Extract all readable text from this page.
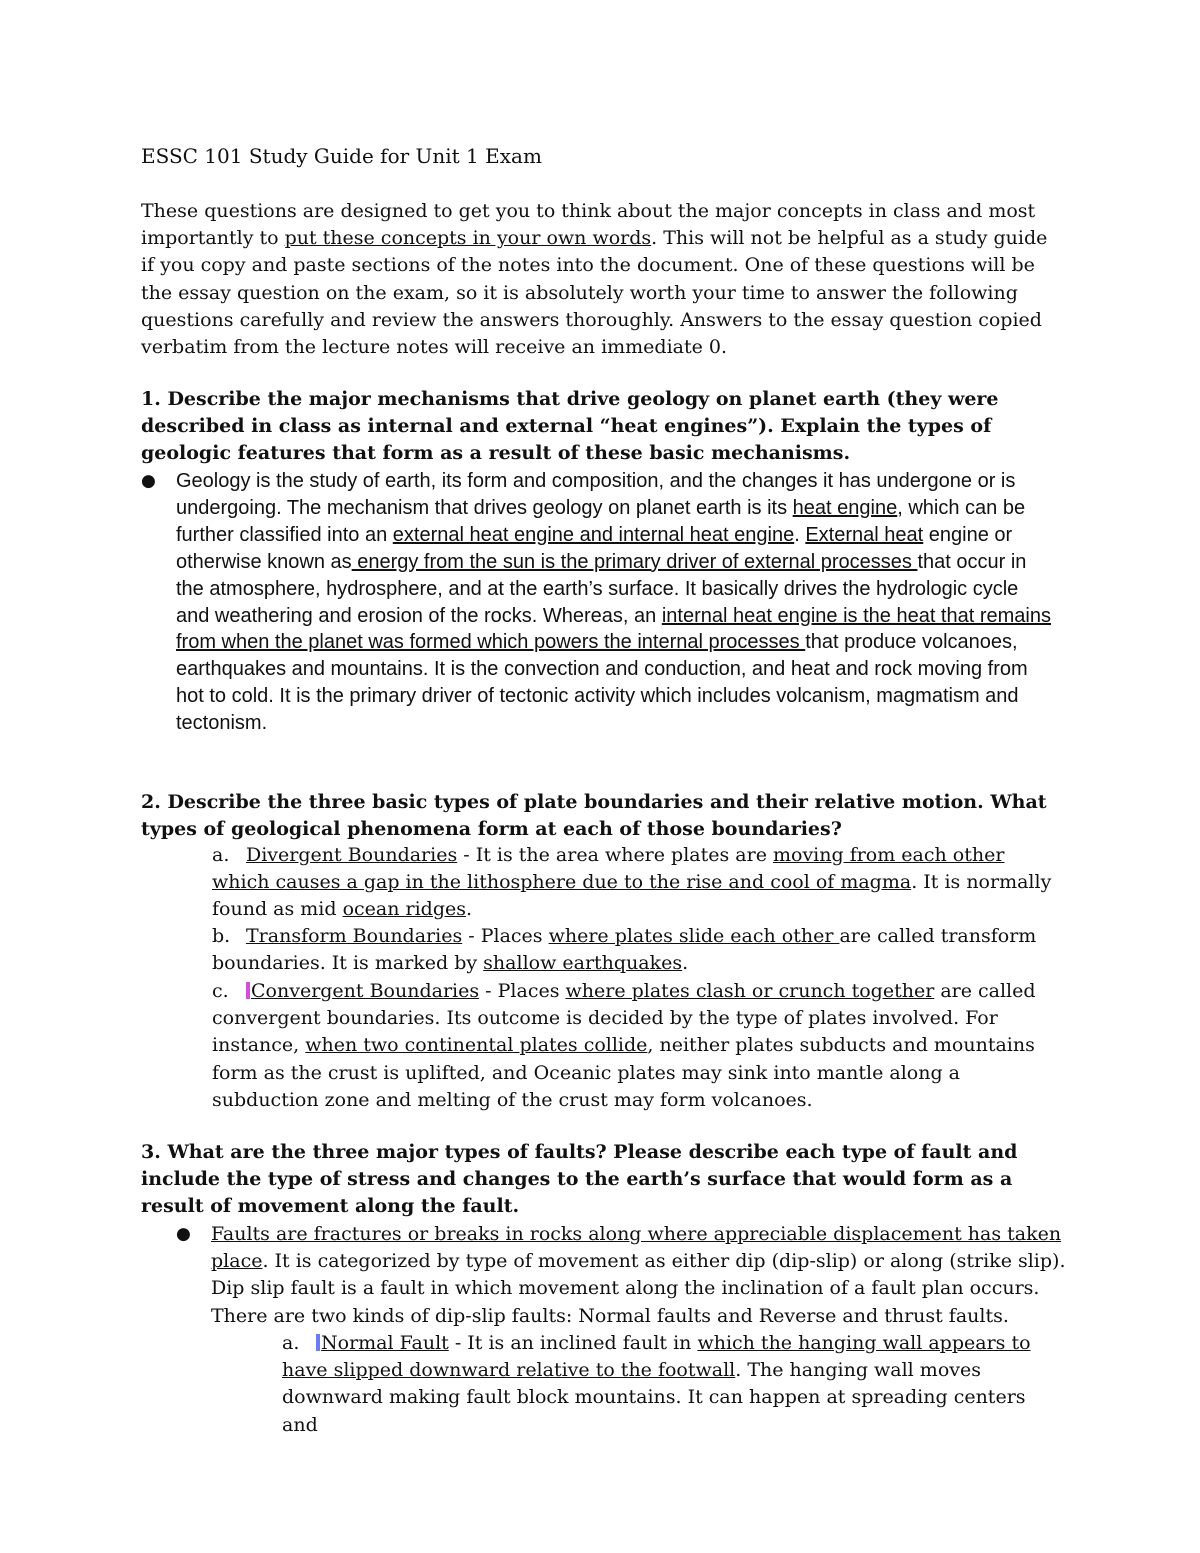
ESSC 101 Study Guide for Unit 1 Exam
These questions are designed to get you to think about the major concepts in class and most importantly to put these concepts in your own words. This will not be helpful as a study guide if you copy and paste sections of the notes into the document. One of these questions will be the essay question on the exam, so it is absolutely worth your time to answer the following questions carefully and review the answers thoroughly. Answers to the essay question copied verbatim from the lecture notes will receive an immediate 0.
1. Describe the major mechanisms that drive geology on planet earth (they were described in class as internal and external “heat engines”). Explain the types of geologic features that form as a result of these basic mechanisms.
● Geology is the study of earth, its form and composition, and the changes it has undergone or is undergoing. The mechanism that drives geology on planet earth is its heat engine, which can be further classified into an external heat engine and internal heat engine. External heat engine or otherwise known as energy from the sun is the primary driver of external processes that occur in the atmosphere, hydrosphere, and at the earth’s surface. It basically drives the hydrologic cycle and weathering and erosion of the rocks. Whereas, an internal heat engine is the heat that remains from when the planet was formed which powers the internal processes that produce volcanoes, earthquakes and mountains. It is the convection and conduction, and heat and rock moving from hot to cold. It is the primary driver of tectonic activity which includes volcanism, magmatism and tectonism.
2. Describe the three basic types of plate boundaries and their relative motion. What types of geological phenomena form at each of those boundaries?
a. Divergent Boundaries - It is the area where plates are moving from each other which causes a gap in the lithosphere due to the rise and cool of magma. It is normally found as mid ocean ridges.
b. Transform Boundaries - Places where plates slide each other are called transform boundaries. It is marked by shallow earthquakes.
c. Convergent Boundaries - Places where plates clash or crunch together are called convergent boundaries. Its outcome is decided by the type of plates involved. For instance, when two continental plates collide, neither plates subducts and mountains form as the crust is uplifted, and Oceanic plates may sink into mantle along a subduction zone and melting of the crust may form volcanoes.
3. What are the three major types of faults? Please describe each type of fault and include the type of stress and changes to the earth’s surface that would form as a result of movement along the fault.
● Faults are fractures or breaks in rocks along where appreciable displacement has taken place. It is categorized by type of movement as either dip (dip-slip) or along (strike slip). Dip slip fault is a fault in which movement along the inclination of a fault plan occurs. There are two kinds of dip-slip faults: Normal faults and Reverse and thrust faults.
a. Normal Fault - It is an inclined fault in which the hanging wall appears to have slipped downward relative to the footwall. The hanging wall moves downward making fault block mountains. It can happen at spreading centers and
